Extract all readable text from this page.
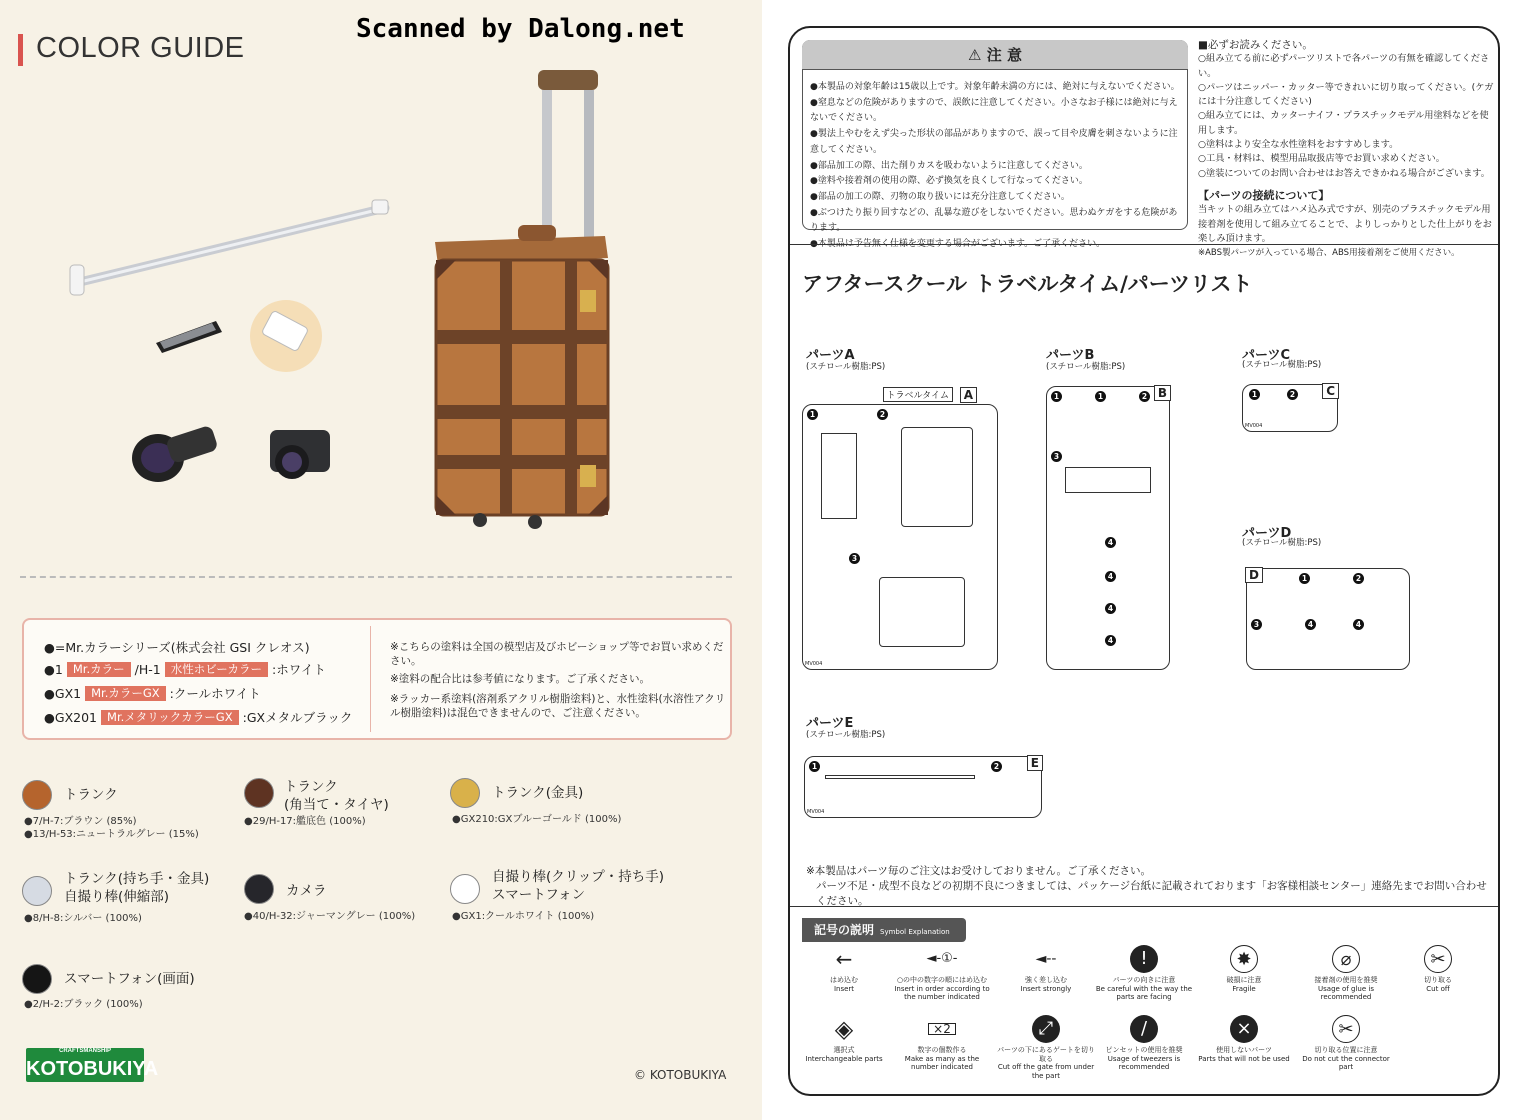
COLOR GUIDE
Scanned by Dalong.net
●= Mr.カラーシリーズ(株式会社 GSI クレオス)
●1 Mr.カラー /H-1 水性ホビーカラー :ホワイト
●GX1 Mr.カラーGX :クールホワイト
●GX201 Mr.メタリックカラーGX :GXメタルブラック
※こちらの塗料は全国の模型店及びホビーショップ等でお買い求めください。
※塗料の配合比は参考値になります。ご了承ください。
※ラッカー系塗料(溶剤系アクリル樹脂塗料)と、水性塗料(水溶性アクリル樹脂塗料)は混色できませんので、ご注意ください。
トランク
●7/H-7:ブラウン (85%)
●13/H-53:ニュートラルグレー (15%)
トランク
(角当て・タイヤ)
●29/H-17:艦底色 (100%)
トランク(金具)
●GX210:GXブルーゴールド (100%)
トランク(持ち手・金具)
自撮り棒(伸縮部)
●8/H-8:シルバー (100%)
カメラ
●40/H-32:ジャーマングレー (100%)
自撮り棒(クリップ・持ち手)
スマートフォン
●GX1:クールホワイト (100%)
スマートフォン(画面)
●2/H-2:ブラック (100%)
CRAFTSMANSHIP
KOTOBUKIYA	© KOTOBUKIYA
⚠ 注 意
●本製品の対象年齢は15歳以上です。対象年齢未満の方には、絶対に与えないでください。
●窒息などの危険がありますので、誤飲に注意してください。小さなお子様には絶対に与えないでください。
●製法上やむをえず尖った形状の部品がありますので、誤って目や皮膚を刺さないように注意してください。
●部品加工の際、出た削りカスを吸わないように注意してください。
●塗料や接着剤の使用の際、必ず換気を良くして行なってください。
●部品の加工の際、刃物の取り扱いには充分注意してください。
●ぶつけたり振り回すなどの、乱暴な遊びをしないでください。思わぬケガをする危険があります。
●本製品は予告無く仕様を変更する場合がございます。ご了承ください。
■必ずお読みください。
○組み立てる前に必ずパーツリストで各パーツの有無を確認してください。
○パーツはニッパー・カッター等できれいに切り取ってください。(ケガには十分注意してください)
○組み立てには、カッターナイフ・プラスチックモデル用塗料などを使用します。
○塗料はより安全な水性塗料をおすすめします。
○工具・材料は、模型用品取扱店等でお買い求めください。
○塗装についてのお問い合わせはお答えできかねる場合がございます。
【パーツの接続について】
当キットの組み立てはハメ込み式ですが、別売のプラスチックモデル用接着剤を使用して組み立てることで、よりしっかりとした仕上がりをお楽しみ頂けます。
※ABS製パーツが入っている場合、ABS用接着剤をご使用ください。
アフタースクール トラベルタイム/パーツリスト
パーツA
(スチロール樹脂:PS)
トラベルタイム	A
1	2
3
MV004
パーツB
(スチロール樹脂:PS)
B
1	1	2
3
4
4
4
4
パーツC
(スチロール樹脂:PS)
C
1	2
MV004
パーツD
(スチロール樹脂:PS)
D	1	2
3	4	4
パーツE
(スチロール樹脂:PS)
E
1	2
MV004
※本製品はパーツ毎のご注文はお受けしておりません。ご了承ください。
パーツ不足・成型不良などの初期不良につきましては、パッケージ台紙に記載されております「お客様相談センター」連絡先までお問い合わせください。
記号の説明 Symbol Explanation
←
はめ込む
Insert
◄-①-
○の中の数字の順にはめ込む
Insert in order according to the number indicated
◄--
強く差し込む
Insert strongly
!
パーツの向きに注意
Be careful with the way the parts are facing
✸
破損に注意
Fragile
⌀
接着剤の使用を推奨
Usage of glue is recommended
✂
切り取る
Cut off
◈
選択式
Interchangeable parts
×2
数字の個数作る
Make as many as the number indicated
⤢
パーツの下にあるゲートを切り取る
Cut off the gate from under the part
/
ピンセットの使用を推奨
Usage of tweezers is recommended
×
使用しないパーツ
Parts that will not be used
✂
切り取る位置に注意
Do not cut the connector part
